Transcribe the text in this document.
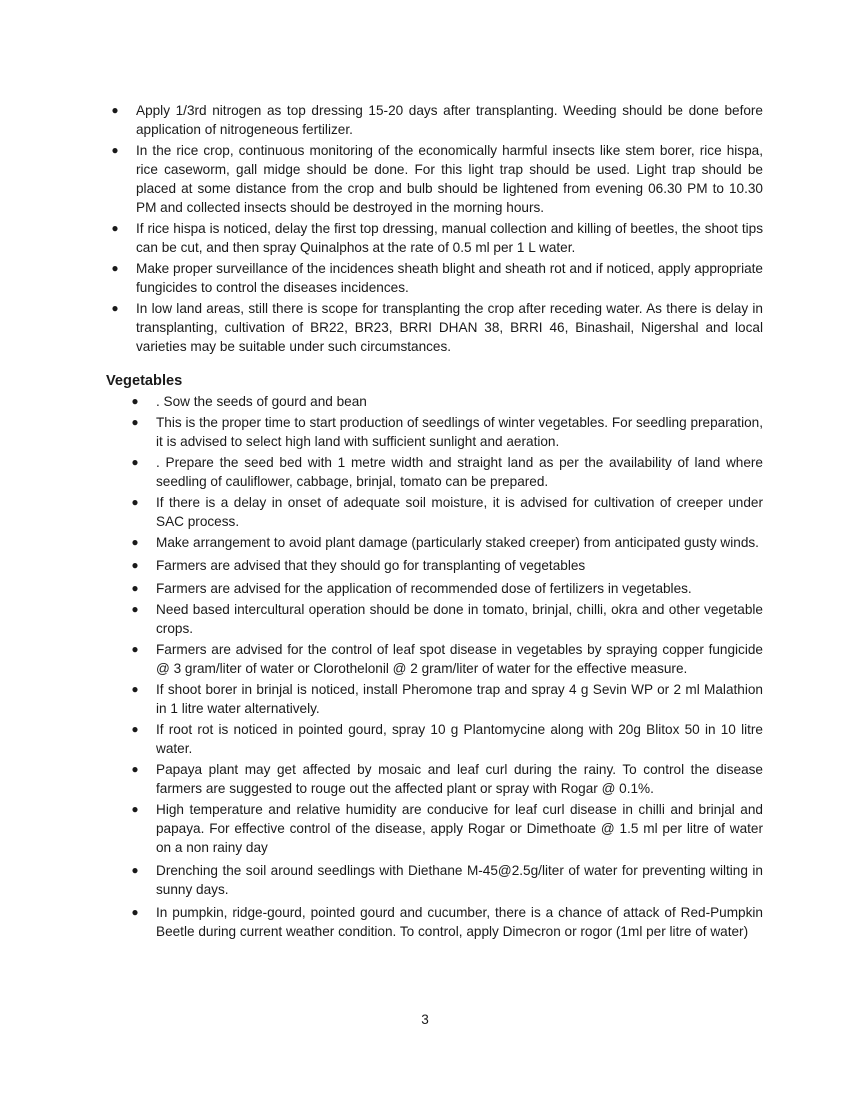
● Apply 1/3rd nitrogen as top dressing 15-20 days after transplanting. Weeding should be done before application of nitrogeneous fertilizer.
● In the rice crop, continuous monitoring of the economically harmful insects like stem borer, rice hispa, rice caseworm, gall midge should be done. For this light trap should be used. Light trap should be placed at some distance from the crop and bulb should be lightened from evening 06.30 PM to 10.30 PM and collected insects should be destroyed in the morning hours.
● If rice hispa is noticed, delay the first top dressing, manual collection and killing of beetles, the shoot tips can be cut, and then spray Quinalphos at the rate of 0.5 ml per 1 L water.
● Make proper surveillance of the incidences sheath blight and sheath rot and if noticed, apply appropriate fungicides to control the diseases incidences.
● In low land areas, still there is scope for transplanting the crop after receding water. As there is delay in transplanting, cultivation of BR22, BR23, BRRI DHAN 38, BRRI 46, Binashail, Nigershal and local varieties may be suitable under such circumstances.
Vegetables
● . Sow the seeds of gourd and bean
● This is the proper time to start production of seedlings of winter vegetables. For seedling preparation, it is advised to select high land with sufficient sunlight and aeration.
● . Prepare the seed bed with 1 metre width and straight land as per the availability of land where seedling of cauliflower, cabbage, brinjal, tomato can be prepared.
● If there is a delay in onset of adequate soil moisture, it is advised for cultivation of creeper under SAC process.
● Make arrangement to avoid plant damage (particularly staked creeper) from anticipated gusty winds.
● Farmers are advised that they should go for transplanting of vegetables
● Farmers are advised for the application of recommended dose of fertilizers in vegetables.
● Need based intercultural operation should be done in tomato, brinjal, chilli, okra and other vegetable crops.
● Farmers are advised for the control of leaf spot disease in vegetables by spraying copper fungicide @ 3 gram/liter of water or Clorothelonil @ 2 gram/liter of water for the effective measure.
● If shoot borer in brinjal is noticed, install Pheromone trap and spray 4 g Sevin WP or 2 ml Malathion in 1 litre water alternatively.
● If root rot is noticed in pointed gourd, spray 10 g Plantomycine along with 20g Blitox 50 in 10 litre water.
● Papaya plant may get affected by mosaic and leaf curl during the rainy. To control the disease farmers are suggested to rouge out the affected plant or spray with Rogar @ 0.1%.
● High temperature and relative humidity are conducive for leaf curl disease in chilli and brinjal and papaya. For effective control of the disease, apply Rogar or Dimethoate @ 1.5 ml per litre of water on a non rainy day
● Drenching the soil around seedlings with Diethane M-45@2.5g/liter of water for preventing wilting in sunny days.
● In pumpkin, ridge-gourd, pointed gourd and cucumber, there is a chance of attack of Red-Pumpkin Beetle during current weather condition. To control, apply Dimecron or rogor (1ml per litre of water)
3
